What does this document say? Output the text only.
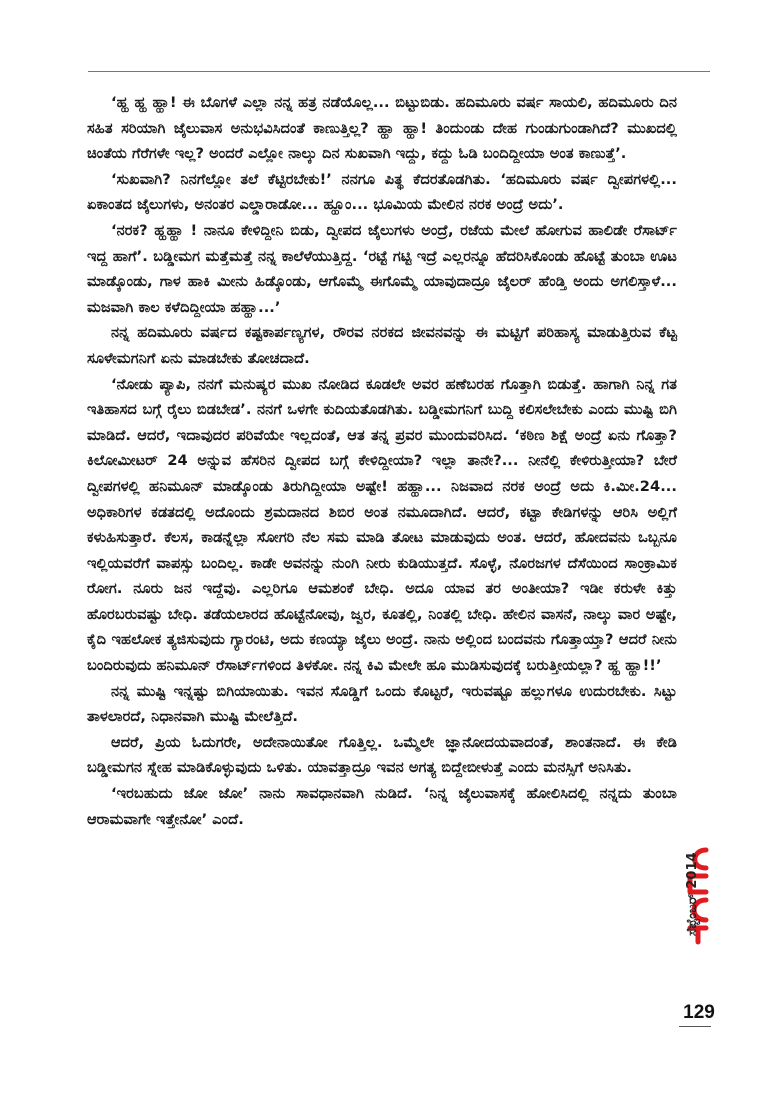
‘ಹ್ಹ ಹ್ಹ ಹ್ಹಾ! ಈ ಬೊಗಳೆ ಎಲ್ಲಾ ನನ್ನ ಹತ್ರ ನಡೆಯೊಲ್ಲ... ಬಿಟ್ಟುಬಿಡು. ಹದಿಮೂರು ವರ್ಷ ಸಾಯಲಿ, ಹದಿಮೂರು ದಿನ ಸಹಿತ ಸರಿಯಾಗಿ ಜೈಲುವಾಸ ಅನುಭವಿಸಿದಂತೆ ಕಾಣುತ್ತಿಲ್ಲ? ಹ್ಹಾ ಹ್ಹಾ! ತಿಂದುಂಡು ದೇಹ ಗುಂಡುಗುಂಡಾಗಿದೆ? ಮುಖದಲ್ಲಿ ಚಿಂತೆಯ ಗೆರೆಗಳೇ ಇಲ್ಲ? ಅಂದರೆ ಎಲ್ಲೋ ನಾಲ್ಕು ದಿನ ಸುಖವಾಗಿ ಇದ್ದು, ಕದ್ದು ಓಡಿ ಬಂದಿದ್ದೀಯಾ ಅಂತ ಕಾಣುತ್ತೆ’.

‘ಸುಖವಾಗಿ? ನಿನಗೆಲ್ಲೋ ತಲೆ ಕೆಟ್ಟಿರಬೇಕು!’ ನನಗೂ ಪಿತ್ಥ ಕೆದರತೊಡಗಿತು. ‘ಹದಿಮೂರು ವರ್ಷ ದ್ವೀಪಗಳಲ್ಲಿ... ಏಕಾಂತದ ಜೈಲುಗಳು, ಅನಂತರ ಎಲ್ಡಾರಾಡೋ... ಹ್ಹೂಂ... ಭೂಮಿಯ ಮೇಲಿನ ನರಕ ಅಂದ್ರೆ ಅದು’.

‘ನರಕ? ಹ್ಹಹ್ಹಾ ! ನಾನೂ ಕೇಳಿದ್ದೀನಿ ಬಿಡು, ದ್ವೀಪದ ಜೈಲುಗಳು ಅಂದ್ರೆ, ರಜೆಯ ಮೇಲೆ ಹೋಗುವ ಹಾಲಿಡೇ ರೆಸಾರ್ಟ್ ಇದ್ದ ಹಾಗೆ’. ಬಡ್ಡೀಮಗ ಮತ್ತೆಮತ್ತೆ ನನ್ನ ಕಾಲೆಳೆಯುತ್ತಿದ್ದ. ‘ರಟ್ಟೆ ಗಟ್ಟಿ ಇದ್ರೆ ಎಲ್ಲರನ್ನೂ ಹೆದರಿಸಿಕೊಂಡು ಹೊಟ್ಟೆ ತುಂಬಾ ಊಟ ಮಾಡ್ಕೊಂಡು, ಗಾಳ ಹಾಕಿ ಮೀನು ಹಿಡ್ಕೊಂಡು, ಆಗೊಮ್ಮೆ ಈಗೊಮ್ಮೆ ಯಾವುದಾದ್ರೂ ಜೈಲರ್ ಹೆಂಡ್ತಿ ಅಂದು ಅಗಲಿಸ್ತಾಳೆ... ಮಜವಾಗಿ ಕಾಲ ಕಳೆದಿದ್ದೀಯಾ ಹಹ್ಹಾ...’

ನನ್ನ ಹದಿಮೂರು ವರ್ಷದ ಕಷ್ಟಕಾರ್ಪಣ್ಯಗಳ, ರೌರವ ನರಕದ ಜೀವನವನ್ನು ಈ ಮಟ್ಟಿಗೆ ಪರಿಹಾಸ್ಯ ಮಾಡುತ್ತಿರುವ ಕೆಟ್ಟ ಸೂಳೇಮಗನಿಗೆ ಏನು ಮಾಡಬೇಕು ತೋಚದಾದೆ.

‘ನೋಡು ಪ್ಯಾಪಿ, ನನಗೆ ಮನುಷ್ಯರ ಮುಖ ನೋಡಿದ ಕೂಡಲೇ ಅವರ ಹಣೆಬರಹ ಗೊತ್ತಾಗಿ ಬಿಡುತ್ತೆ. ಹಾಗಾಗಿ ನಿನ್ನ ಗತ ಇತಿಹಾಸದ ಬಗ್ಗೆ ರೈಲು ಬಿಡಬೇಡ’. ನನಗೆ ಒಳಗೇ ಕುದಿಯತೊಡಗಿತು. ಬಡ್ಡೀಮಗನಿಗೆ ಬುದ್ದಿ ಕಲಿಸಲೇಬೇಕು ಎಂದು ಮುಷ್ಟಿ ಬಿಗಿ ಮಾಡಿದೆ. ಆದರೆ, ಇದಾವುದರ ಪರಿವೆಯೇ ಇಲ್ಲದಂತೆ, ಆತ ತನ್ನ ಪ್ರವರ ಮುಂದುವರಿಸಿದ. ‘ಕಠಿಣ ಶಿಕ್ಷೆ ಅಂದ್ರೆ ಏನು ಗೊತ್ತಾ? ಕಿಲೋಮೀಟರ್ 24 ಅನ್ನುವ ಹೆಸರಿನ ದ್ವೀಪದ ಬಗ್ಗೆ ಕೇಳಿದ್ದೀಯಾ? ಇಲ್ಲಾ ತಾನೇ?... ನೀನೆಲ್ಲಿ ಕೇಳಿರುತ್ತೀಯಾ? ಬೇರೆ ದ್ವೀಪಗಳಲ್ಲಿ ಹನಿಮೂನ್ ಮಾಡ್ಕೊಂಡು ತಿರುಗಿದ್ದೀಯಾ ಅಷ್ಟೇ! ಹಹ್ಹಾ... ನಿಜವಾದ ನರಕ ಅಂದ್ರೆ ಅದು ಕಿ.ಮೀ.24... ಅಧಿಕಾರಿಗಳ ಕಡತದಲ್ಲಿ ಅದೊಂದು ಶ್ರಮದಾನದ ಶಿಬಿರ ಅಂತ ನಮೂದಾಗಿದೆ. ಆದರೆ, ಕಟ್ಟಾ ಕೇಡಿಗಳನ್ನು ಆರಿಸಿ ಅಲ್ಲಿಗೆ ಕಳುಹಿಸುತ್ತಾರೆ. ಕೆಲಸ, ಕಾಡನ್ನೆಲ್ಲಾ ಸೋಗರಿ ನೆಲ ಸಮ ಮಾಡಿ ತೋಟ ಮಾಡುವುದು ಅಂತ. ಆದರೆ, ಹೋದವನು ಒಬ್ಬನೂ ಇಲ್ಲಿಯವರೆಗೆ ವಾಪಸ್ಸು ಬಂದಿಲ್ಲ. ಕಾಡೇ ಅವನನ್ನು ನುಂಗಿ ನೀರು ಕುಡಿಯುತ್ತದೆ. ಸೊಳ್ಳೆ, ನೊರಜಗಳ ದೆಸೆಯಿಂದ ಸಾಂಕ್ರಾಮಿಕ ರೋಗ. ನೂರು ಜನ ಇದ್ದೆವು. ಎಲ್ಲರಿಗೂ ಆಮಶಂಕೆ ಬೇಧಿ. ಅದೂ ಯಾವ ತರ ಅಂತೀಯಾ? ಇಡೀ ಕರುಳೇ ಕಿತ್ತು ಹೊರಬರುವಷ್ಟು ಬೇಧಿ. ತಡೆಯಲಾರದ ಹೊಟ್ಟೆನೋವು, ಜ್ವರ, ಕೂತಲ್ಲಿ, ನಿಂತಲ್ಲಿ ಬೇಧಿ. ಹೇಲಿನ ವಾಸನೆ, ನಾಲ್ಕು ವಾರ ಅಷ್ಟೇ, ಕೈದಿ ಇಹಲೋಕ ತ್ಯಜಿಸುವುದು ಗ್ಯಾರಂಟಿ, ಅದು ಕಣಯ್ಯಾ ಜೈಲು ಅಂದ್ರೆ. ನಾನು ಅಲ್ಲಿಂದ ಬಂದವನು ಗೊತ್ತಾಯ್ತಾ? ಆದರೆ ನೀನು ಬಂದಿರುವುದು ಹನಿಮೂನ್ ರೆಸಾರ್ಟ್‌ಗಳಿಂದ ತಿಳಕೋ. ನನ್ನ ಕಿವಿ ಮೇಲೇ ಹೂ ಮುಡಿಸುವುದಕ್ಕೆ ಬರುತ್ತೀಯಲ್ಲಾ? ಹ್ಹ ಹ್ಹಾ!!’

ನನ್ನ ಮುಷ್ಟಿ ಇನ್ನಷ್ಟು ಬಿಗಿಯಾಯಿತು. ಇವನ ಸೊಡ್ಡಿಗೆ ಒಂದು ಕೊಟ್ಟರೆ, ಇರುವಷ್ಟೂ ಹಲ್ಲುಗಳೂ ಉದುರಬೇಕು. ಸಿಟ್ಟು ತಾಳಲಾರದೆ, ನಿಧಾನವಾಗಿ ಮುಷ್ಟಿ ಮೇಲೆತ್ತಿದೆ.

ಆದರೆ, ಪ್ರಿಯ ಓದುಗರೇ, ಅದೇನಾಯಿತೋ ಗೊತ್ತಿಲ್ಲ. ಒಮ್ಮೆಲೇ ಜ್ಞಾನೋದಯವಾದಂತೆ, ಶಾಂತನಾದೆ. ಈ ಕೇಡಿ ಬಡ್ಡೀಮಗನ ಸ್ನೇಹ ಮಾಡಿಕೊಳ್ಳುವುದು ಒಳಿತು. ಯಾವತ್ತಾದ್ರೂ ಇವನ ಅಗತ್ಯ ಬಿದ್ದೇಬೀಳುತ್ತೆ ಎಂದು ಮನಸ್ಸಿಗೆ ಅನಿಸಿತು.

‘ಇರಬಹುದು ಜೋ ಜೋ’ ನಾನು ಸಾವಧಾನವಾಗಿ ನುಡಿದೆ. ‘ನಿನ್ನ ಜೈಲುವಾಸಕ್ಕೆ ಹೋಲಿಸಿದಲ್ಲಿ ನನ್ನದು ತುಂಬಾ ಆರಾಮವಾಗೇ ಇತ್ತೇನೋ’ ಎಂದೆ.

ಸೆಪ್ಟೆಂಬರ್ 2014
129
